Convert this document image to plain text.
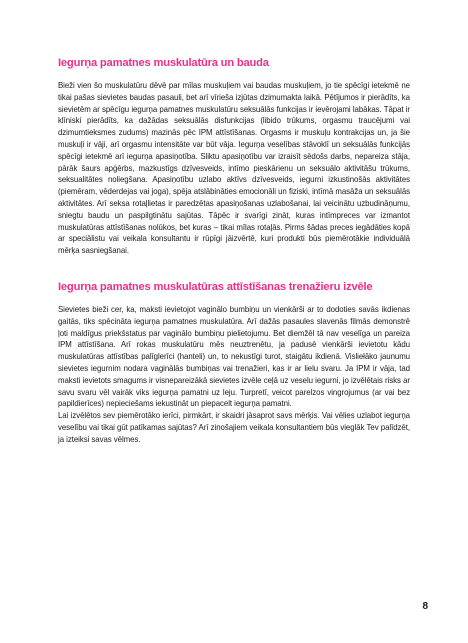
Iegurņa pamatnes muskulatūra un bauda

Bieži vien šo muskulatūru dēvē par mīlas muskuļiem vai baudas muskuļiem, jo tie spēcīgi ietekmē ne tikai pašas sievietes baudas pasauli, bet arī vīrieša izjūtas dzimumakta laikā. Pētījumos ir pierādīts, ka sievietēm ar spēcīgu iegurņa pamatnes muskulatūru seksuālās funkcijas ir ievērojami labākas. Tāpat ir klīniski pierādīts, ka dažādas seksuālās disfunkcijas (libido trūkums, orgasmu traucējumi vai dzimumtieksmes zudums) mazinās pēc IPM attīstīšanas. Orgasms ir muskuļu kontrakcijas un, ja šie muskuļi ir vāji, arī orgasmu intensitāte var būt vāja. Iegurņa veselības stāvoklī un seksuālās funkcijās spēcīgi ietekmē arī iegurņa apasiņotība. Sliktu apasiņotību var izraisīt sēdošs darbs, nepareiza stāja, pārāk šaurs apģērbs, mazkustīgs dzīvesveids, intīmo pieskārienu un seksuālo aktivitāšu trūkums, seksualitātes noliegšana. Apasiņotību uzlabo aktīvs dzīvesveids, iegurni izkustinošās aktivitātes (piemēram, vēderdejas vai joga), spēja atslābināties emocionāli un fiziski, intīmā masāža un seksuālās aktivitātes. Arī seksa rotaļlietas ir paredzētas apasiņošanas uzlabošanai, lai veicinātu uzbudināņumu, sniegtu baudu un paspilgtinātu sajūtas. Tāpēc ir svarīgi zināt, kuras intīmpreces var izmantot muskulatūras attīstīšanas nolūkos, bet kuras – tikai mīlas rotaļās. Pirms šādas preces iegādāties kopā ar speciālistu vai veikala konsultantu ir rūpīgi jāizvērtē, kuri produkti būs piemērotākie individuālā mērķa sasniegšanai.

Iegurņa pamatnes muskulatūras attīstīšanas trenažieru izvēle

Sievietes bieži cer, ka, maksti ievietojot vaginālo bumbiņu un vienkārši ar to dodoties savās ikdienas gaitās, tiks spēcināta iegurņa pamatnes muskulatūra. Arī dažās pasaules slavenās filmās demonstrē ļoti maldīgus priekšstatus par vaginālo bumbiņu pielietojumu. Bet diemžēl tā nav veselīga un pareiza IPM attīstīšana. Arī rokas muskulatūru mēs neuztrenētu, ja padusē vienkārši ievietotu kādu muskulatūras attīstības palīglerīci (hanteli) un, to nekustīgi turot, staigātu ikdienā. Visliełāko jaunumu sievietes iegurnim nodara vaginālās bumbiņas vai trenažieri, kas ir ar lielu svaru. Ja IPM ir vāja, tad maksti ievietots smagums ir visnepareizākā sievietes izvēle ceļā uz veselu iegurni, jo izvēlētais risks ar savu svaru vēl vairāk viks iegurņa pamatni uz leju. Turpretī, veicot parelzos vingrojumus (ar vai bez papildierīces) nepieciešams iekustināt un piepacelt iegurņa pamatni.

Lai izvēlētos sev piemērotāko ierīci, pirmkārt, ir skaidri jāsaprot savs mērķis. Vai vēlies uzlabot iegurņa veselību vai tikai gūt patīkamas sajūtas? Arī zinošajiem veikala konsultantiem būs vieglāk Tev palīdzēt, ja izteiksi savas vēlmes.

8
